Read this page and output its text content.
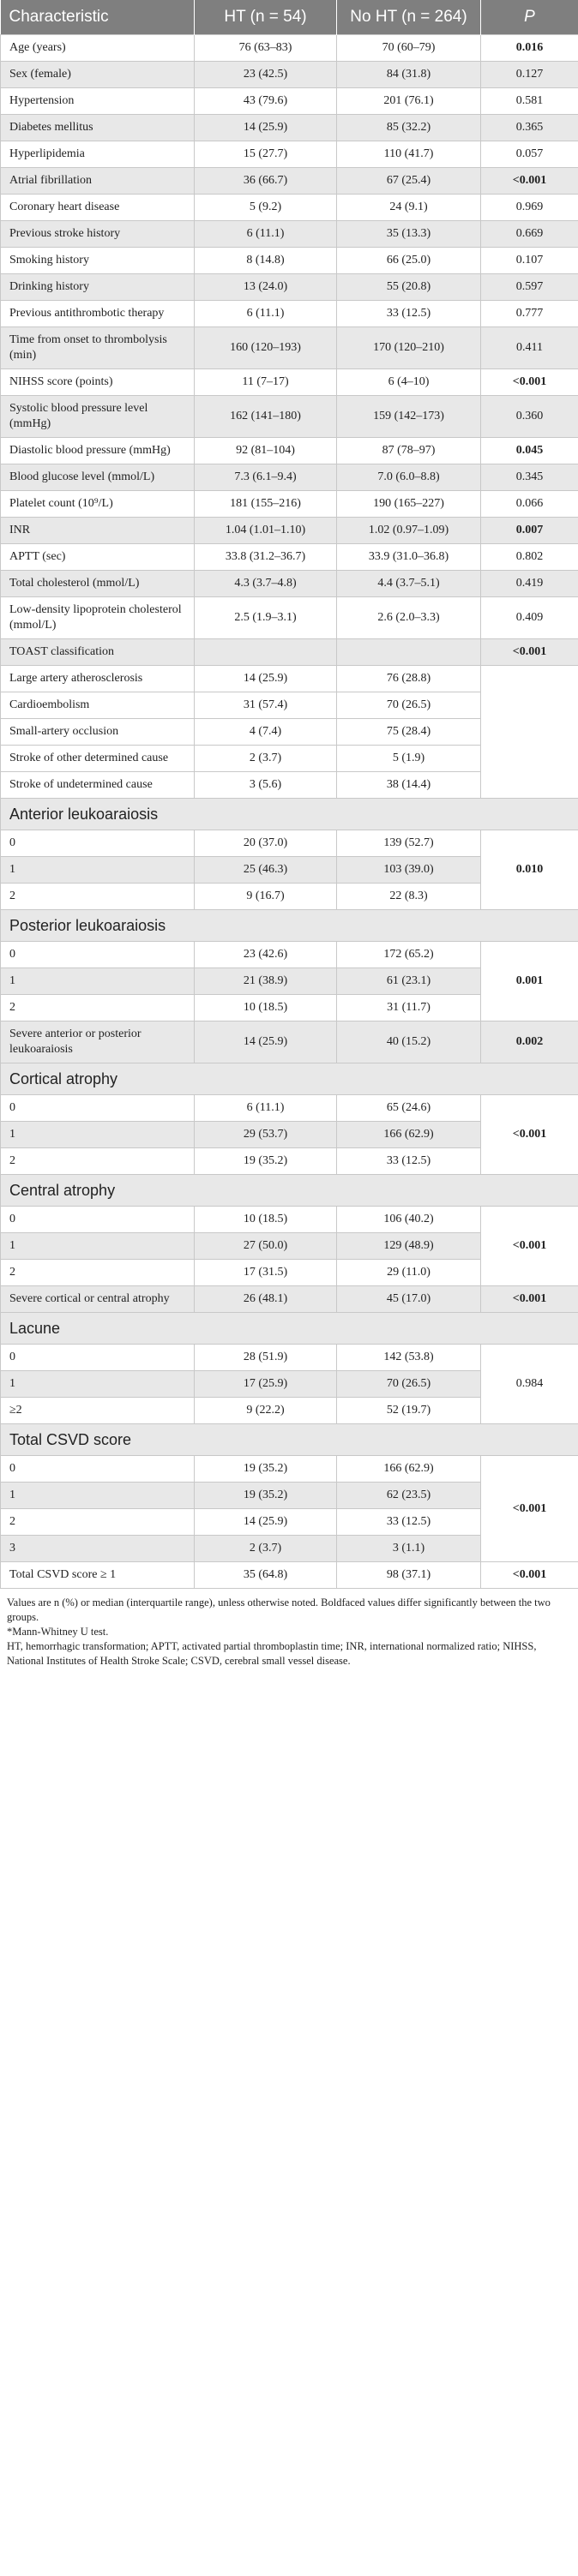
Characteristic	HT (n = 54)	No HT (n = 264)	P
Age (years)	76 (63–83)	70 (60–79)	0.016
Sex (female)	23 (42.5)	84 (31.8)	0.127
Hypertension	43 (79.6)	201 (76.1)	0.581
Diabetes mellitus	14 (25.9)	85 (32.2)	0.365
Hyperlipidemia	15 (27.7)	110 (41.7)	0.057
Atrial fibrillation	36 (66.7)	67 (25.4)	<0.001
Coronary heart disease	5 (9.2)	24 (9.1)	0.969
Previous stroke history	6 (11.1)	35 (13.3)	0.669
Smoking history	8 (14.8)	66 (25.0)	0.107
Drinking history	13 (24.0)	55 (20.8)	0.597
Previous antithrombotic therapy	6 (11.1)	33 (12.5)	0.777
Time from onset to thrombolysis (min)	160 (120–193)	170 (120–210)	0.411
NIHSS score (points)	11 (7–17)	6 (4–10)	<0.001
Systolic blood pressure level (mmHg)	162 (141–180)	159 (142–173)	0.360
Diastolic blood pressure (mmHg)	92 (81–104)	87 (78–97)	0.045
Blood glucose level (mmol/L)	7.3 (6.1–9.4)	7.0 (6.0–8.8)	0.345
Platelet count (10⁹/L)	181 (155–216)	190 (165–227)	0.066
INR	1.04 (1.01–1.10)	1.02 (0.97–1.09)	0.007
APTT (sec)	33.8 (31.2–36.7)	33.9 (31.0–36.8)	0.802
Total cholesterol (mmol/L)	4.3 (3.7–4.8)	4.4 (3.7–5.1)	0.419
Low-density lipoprotein cholesterol (mmol/L)	2.5 (1.9–3.1)	2.6 (2.0–3.3)	0.409
TOAST classification			<0.001
Large artery atherosclerosis	14 (25.9)	76 (28.8)	
Cardioembolism	31 (57.4)	70 (26.5)	
Small-artery occlusion	4 (7.4)	75 (28.4)	
Stroke of other determined cause	2 (3.7)	5 (1.9)	
Stroke of undetermined cause	3 (5.6)	38 (14.4)	
Anterior leukoaraiosis			
0	20 (37.0)	139 (52.7)	0.010
1	25 (46.3)	103 (39.0)	
2	9 (16.7)	22 (8.3)	
Posterior leukoaraiosis			
0	23 (42.6)	172 (65.2)	0.001
1	21 (38.9)	61 (23.1)	
2	10 (18.5)	31 (11.7)	
Severe anterior or posterior leukoaraiosis	14 (25.9)	40 (15.2)	0.002
Cortical atrophy			
0	6 (11.1)	65 (24.6)	<0.001
1	29 (53.7)	166 (62.9)	
2	19 (35.2)	33 (12.5)	
Central atrophy			
0	10 (18.5)	106 (40.2)	<0.001
1	27 (50.0)	129 (48.9)	
2	17 (31.5)	29 (11.0)	
Severe cortical or central atrophy	26 (48.1)	45 (17.0)	<0.001
Lacune			
0	28 (51.9)	142 (53.8)	0.984
1	17 (25.9)	70 (26.5)	
≥2	9 (22.2)	52 (19.7)	
Total CSVD score			
0	19 (35.2)	166 (62.9)	<0.001
1	19 (35.2)	62 (23.5)	
2	14 (25.9)	33 (12.5)	
3	2 (3.7)	3 (1.1)	
Total CSVD score ≥ 1	35 (64.8)	98 (37.1)	<0.001
Values are n (%) or median (interquartile range), unless otherwise noted. Boldfaced values differ significantly between the two groups.
*Mann-Whitney U test.
HT, hemorrhagic transformation; APTT, activated partial thromboplastin time; INR, international normalized ratio; NIHSS, National Institutes of Health Stroke Scale; CSVD, cerebral small vessel disease.
